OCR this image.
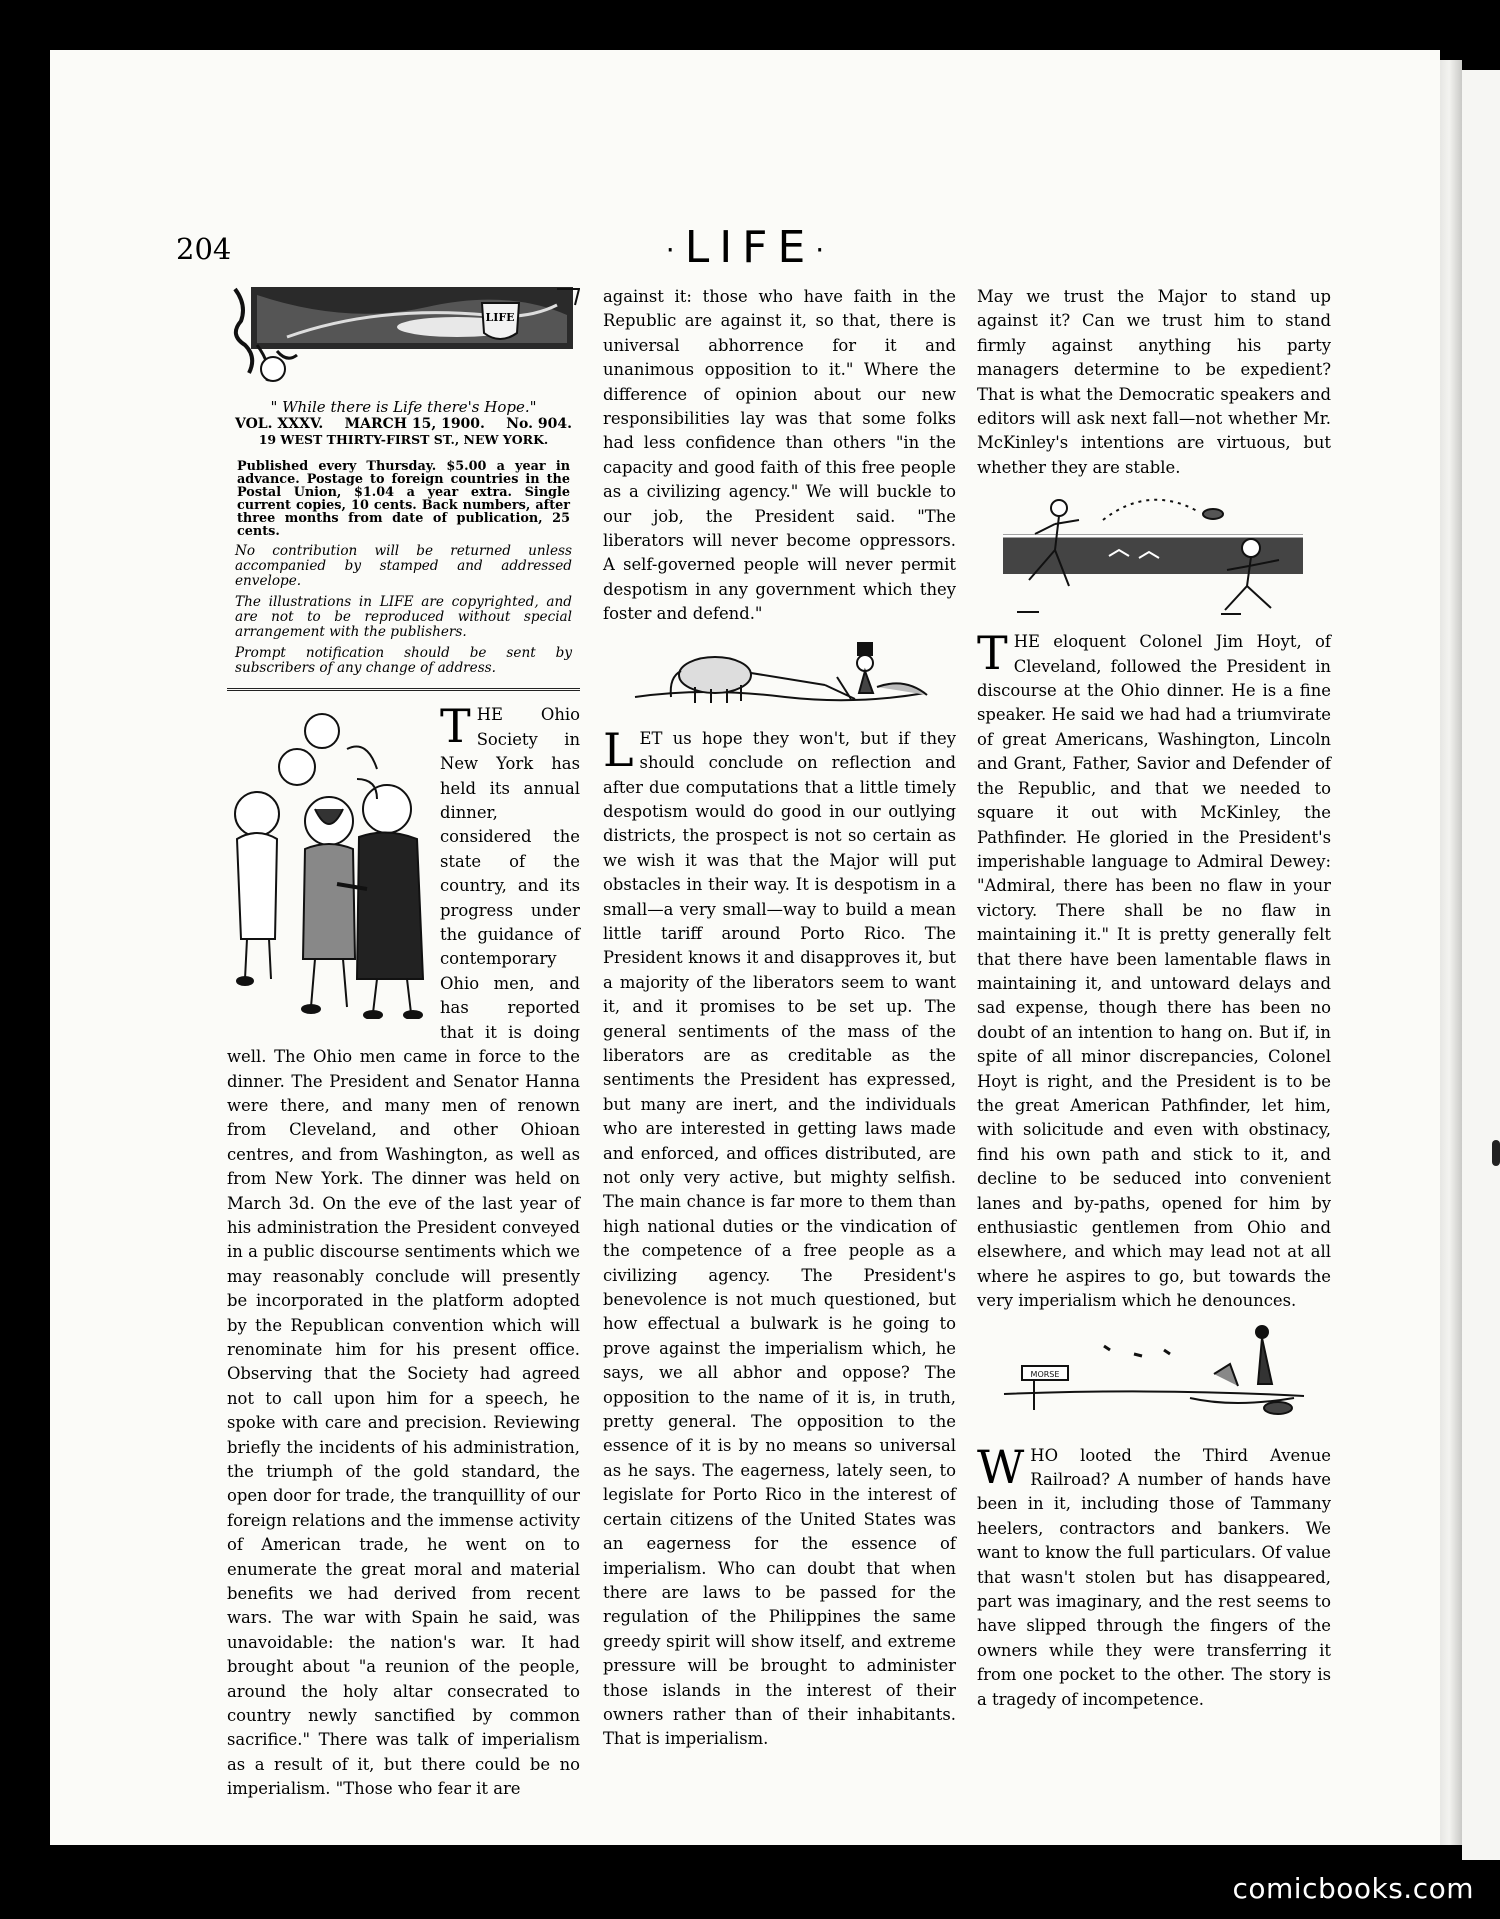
204	·LIFE·
LIFE
" While there is Life there's Hope."
VOL. XXXV. MARCH 15, 1900. No. 904.
19 WEST THIRTY-FIRST ST., NEW YORK.
Published every Thursday. $5.00 a year in advance. Postage to foreign countries in the Postal Union, $1.04 a year extra. Single current copies, 10 cents. Back numbers, after three months from date of publication, 25 cents.
No contribution will be returned unless accompanied by stamped and addressed envelope.
The illustrations in LIFE are copyrighted, and are not to be reproduced without special arrangement with the publishers.
Prompt notification should be sent by subscribers of any change of address.

THE Ohio Society in New York has held its annual dinner, considered the state of the country, and its progress under the guidance of contemporary Ohio men, and has reported that it is doing well. The Ohio men came in force to the dinner. The President and Senator Hanna were there, and many men of renown from Cleveland, and other Ohioan centres, and from Washington, as well as from New York. The dinner was held on March 3d. On the eve of the last year of his administration the President conveyed in a public discourse sentiments which we may reasonably conclude will presently be incorporated in the platform adopted by the Republican convention which will renominate him for his present office. Observing that the Society had agreed not to call upon him for a speech, he spoke with care and precision. Reviewing briefly the incidents of his administration, the triumph of the gold standard, the open door for trade, the tranquillity of our foreign relations and the immense activity of American trade, he went on to enumerate the great moral and material benefits we had derived from recent wars. The war with Spain he said, was unavoidable: the nation's war. It had brought about "a reunion of the people, around the holy altar consecrated to country newly sanctified by common sacrifice." There was talk of imperialism as a result of it, but there could be no imperialism. "Those who fear it are

against it: those who have faith in the Republic are against it, so that, there is universal abhorrence for it and unanimous opposition to it." Where the difference of opinion about our new responsibilities lay was that some folks had less confidence than others "in the capacity and good faith of this free people as a civilizing agency." We will buckle to our job, the President said. "The liberators will never become oppressors. A self-governed people will never permit despotism in any government which they foster and defend."

LET us hope they won't, but if they should conclude on reflection and after due computations that a little timely despotism would do good in our outlying districts, the prospect is not so certain as we wish it was that the Major will put obstacles in their way. It is despotism in a small—a very small—way to build a mean little tariff around Porto Rico. The President knows it and disapproves it, but a majority of the liberators seem to want it, and it promises to be set up. The general sentiments of the mass of the liberators are as creditable as the sentiments the President has expressed, but many are inert, and the individuals who are interested in getting laws made and enforced, and offices distributed, are not only very active, but mighty selfish. The main chance is far more to them than high national duties or the vindication of the competence of a free people as a civilizing agency. The President's benevolence is not much questioned, but how effectual a bulwark is he going to prove against the imperialism which, he says, we all abhor and oppose? The opposition to the name of it is, in truth, pretty general. The opposition to the essence of it is by no means so universal as he says. The eagerness, lately seen, to legislate for Porto Rico in the interest of certain citizens of the United States was an eagerness for the essence of imperialism. Who can doubt that when there are laws to be passed for the regulation of the Philippines the same greedy spirit will show itself, and extreme pressure will be brought to administer those islands in the interest of their owners rather than of their inhabitants. That is imperialism.

May we trust the Major to stand up against it? Can we trust him to stand firmly against anything his party managers determine to be expedient? That is what the Democratic speakers and editors will ask next fall—not whether Mr. McKinley's intentions are virtuous, but whether they are stable.

THE eloquent Colonel Jim Hoyt, of Cleveland, followed the President in discourse at the Ohio dinner. He is a fine speaker. He said we had had a triumvirate of great Americans, Washington, Lincoln and Grant, Father, Savior and Defender of the Republic, and that we needed to square it out with McKinley, the Pathfinder. He gloried in the President's imperishable language to Admiral Dewey: "Admiral, there has been no flaw in your victory. There shall be no flaw in maintaining it." It is pretty generally felt that there have been lamentable flaws in maintaining it, and untoward delays and sad expense, though there has been no doubt of an intention to hang on. But if, in spite of all minor discrepancies, Colonel Hoyt is right, and the President is to be the great American Pathfinder, let him, with solicitude and even with obstinacy, find his own path and stick to it, and decline to be seduced into convenient lanes and by-paths, opened for him by enthusiastic gentlemen from Ohio and elsewhere, and which may lead not at all where he aspires to go, but towards the very imperialism which he denounces.

MORSE

WHO looted the Third Avenue Railroad? A number of hands have been in it, including those of Tammany heelers, contractors and bankers. We want to know the full particulars. Of value that wasn't stolen but has disappeared, part was imaginary, and the rest seems to have slipped through the fingers of the owners while they were transferring it from one pocket to the other. The story is a tragedy of incompetence.

comicbooks.com
